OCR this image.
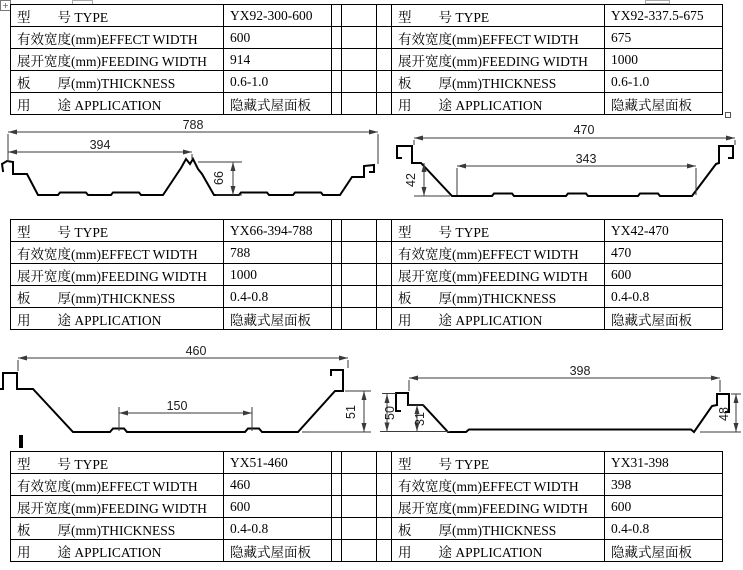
+
型　　号 TYPE	YX92-300-600				型　　号 TYPE	YX92-337.5-675
有效宽度(mm)EFFECT WIDTH	600				有效宽度(mm)EFFECT WIDTH	675
展开宽度(mm)FEEDING WIDTH	914				展开宽度(mm)FEEDING WIDTH	1000
板　　厚(mm)THICKNESS	0.6-1.0				板　　厚(mm)THICKNESS	0.6-1.0
用　　途 APPLICATION	隐藏式屋面板				用　　途 APPLICATION	隐藏式屋面板
788
394
66
470
343
42
型　　号 TYPE	YX66-394-788				型　　号 TYPE	YX42-470
有效宽度(mm)EFFECT WIDTH	788				有效宽度(mm)EFFECT WIDTH	470
展开宽度(mm)FEEDING WIDTH	1000				展开宽度(mm)FEEDING WIDTH	600
板　　厚(mm)THICKNESS	0.4-0.8				板　　厚(mm)THICKNESS	0.4-0.8
用　　途 APPLICATION	隐藏式屋面板				用　　途 APPLICATION	隐藏式屋面板
460
150	51
398
50 31	48
型　　号 TYPE	YX51-460				型　　号 TYPE	YX31-398
有效宽度(mm)EFFECT WIDTH	460				有效宽度(mm)EFFECT WIDTH	398
展开宽度(mm)FEEDING WIDTH	600				展开宽度(mm)FEEDING WIDTH	600
板　　厚(mm)THICKNESS	0.4-0.8				板　　厚(mm)THICKNESS	0.4-0.8
用　　途 APPLICATION	隐藏式屋面板				用　　途 APPLICATION	隐藏式屋面板
